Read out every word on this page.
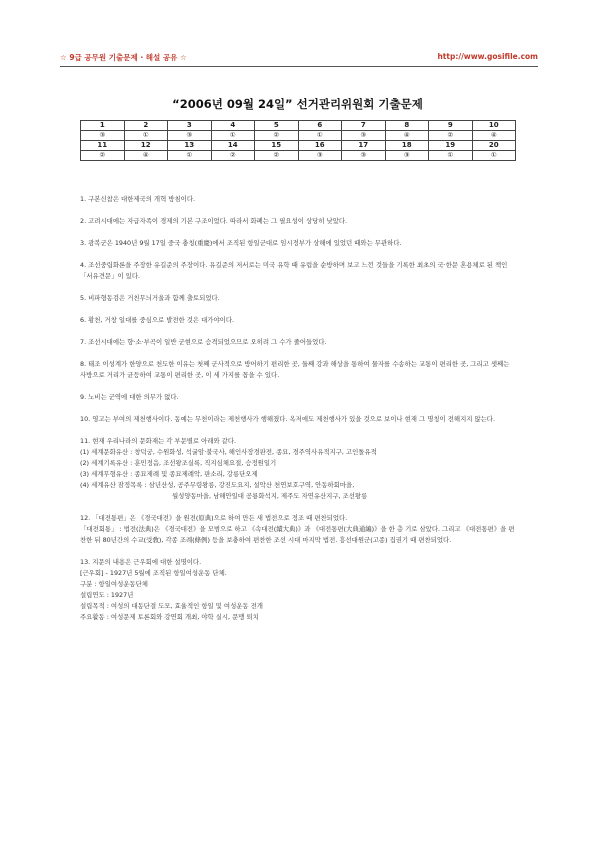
☆ 9급 공무원 기출문제 · 해설 공유 ☆	http://www.gosifile.com
“2006년 09월 24일” 선거관리위원회 기출문제
1	2	3	4	5	6	7	8	9	10
③	①	③	①	②	①	③	④	②	④
11	12	13	14	15	16	17	18	19	20
②	④	①	②	②	③	③	③	①	①

1. 구본신참은 대한제국의 개혁 방침이다.

2. 고려시대에는 자급자족이 경제의 기본 구조이었다. 따라서 화폐는 그 필요성이 상당히 낮았다.

3. 광복군은 1940년 9월 17일 중국 충칭(重慶)에서 조직된 항일군대로 임시정부가 상해에 있었던 때와는 무관하다.

4. 조선중립화론을 주장한 유길준의 주장이다. 유길준의 저서로는 미국 유학 때 유럽을 순방하며 보고 느낀 것들을 기록한 최초의 국·한문 혼용체로 된 책인 「서유견문」이 있다.

5. 비파형동검은 거친무늬거울과 함께 출토되었다.

6. 황천, 거창 일대를 중심으로 발전한 것은 대가야이다.

7. 조선시대에는 향·소·부곡이 일반 군현으로 승격되었으므로 오히려 그 수가 줄어들었다.

8. 태조 이성계가 한양으로 천도한 이유는 첫째 군사적으로 방어하기 편리한 곳, 둘째 강과 해상을 통하여 물자를 수송하는 교통이 편리한 곳, 그리고 셋째는 사방으로 거리가 균등하여 교통이 편리한 곳, 이 세 가지를 꼽을 수 있다.

9. 노비는 군역에 대한 의무가 없다.

10. 영고는 부여의 제천행사이다. 동예는 무천이라는 제천행사가 행해졌다. 옥저에도 제천행사가 있을 것으로 보이나 현재 그 명칭이 전해지지 않는다.

11. 현재 우리나라의 문화재는 각 부문별로 아래와 같다.
(1) 세계문화유산 : 창덕궁, 수원화성, 석굴암·불국사, 해인사장경판전, 종묘, 경주역사유적지구, 고인돌유적
(2) 세계기록유산 : 훈민정음, 조선왕조실록, 직지심체요절, 승정원일기
(3) 세계무형유산 : 종묘제례 및 종묘제례악, 판소리, 강릉단오제
(4) 세계유산 잠정목록 : 삼년산성, 공주무령왕릉, 강진도요지, 설악산 천연보호구역, 안동하회마을,
월성양동마을, 남해안일대 공룡화석지, 제주도 자연유산지구, 조선왕릉
12. 「대전통편」은 《경국대전》을 원전(原典)으로 하여 만든 새 법전으로 정조 때 편찬되었다.
「대전회통」 : 법전(法典)은 《경국대전》을 모범으로 하고 《속대전(續大典)》과 《대전통편(大典通編)》을 한 층 기로 삼았다. 그리고 《대전통편》을 편찬한 뒤 80년간의 수교(受敎), 각종 조례(條例) 등을 보충하여 편찬한 조선 시대 마지막 법전. 흥선대원군(고종) 집권기 때 편찬되었다.
13. 지문의 내용은 근우회에 대한 설명이다.
[근우회] - 1927년 5월에 조직된 항일여성운동 단체.
구분 : 항일여성운동단체
설립연도 : 1927년
설립목적 : 여성의 대동단결 도모, 효율적인 항일 및 여성운동 전개
주요활동 : 여성문제 토론회와 강연회 개최, 야학 실시, 문맹 퇴치
